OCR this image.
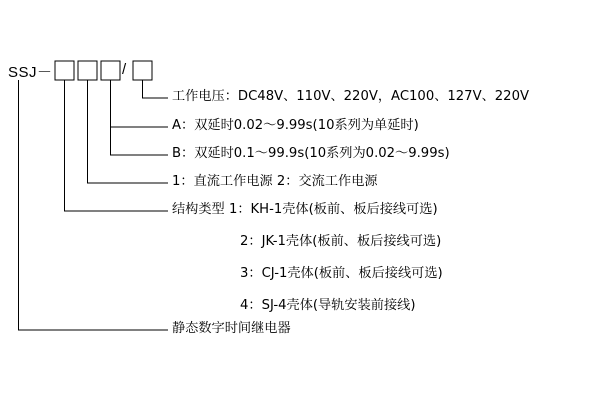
SSJ－	/
工作电压：DC48V、110V、220V，AC100、127V、220V
A：双延时0.02～9.99s(10系列为单延时)
B：双延时0.1～99.9s(10系列为0.02～9.99s)
1：直流工作电源 2：交流工作电源
结构类型 1：KH-1壳体(板前、板后接线可选)
2：JK-1壳体(板前、板后接线可选)
3：CJ-1壳体(板前、板后接线可选)
4：SJ-4壳体(导轨安装前接线)
静态数字时间继电器
